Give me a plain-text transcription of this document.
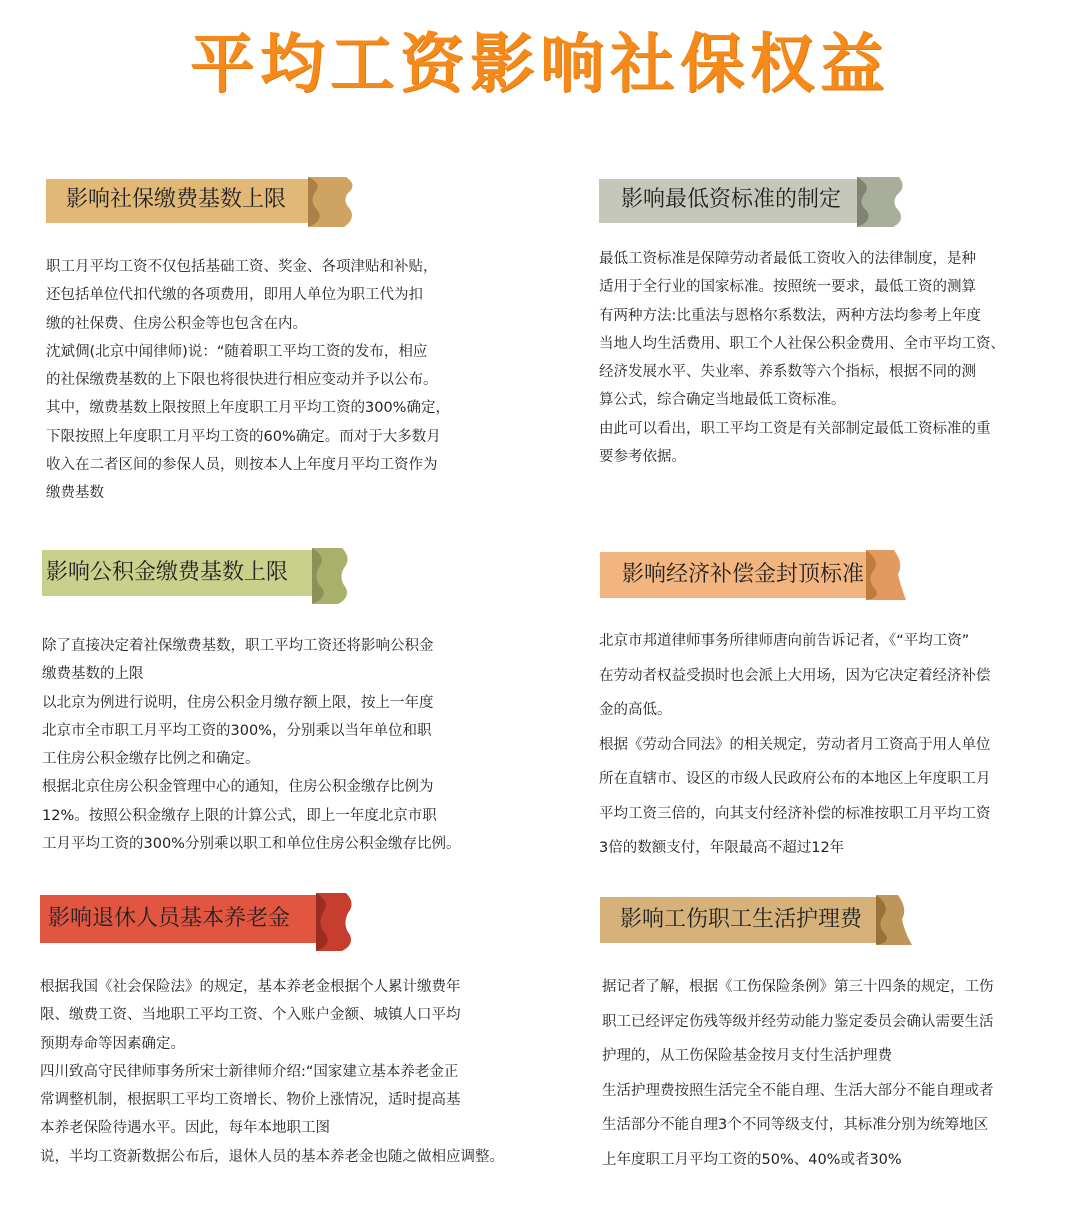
平均工资影响社保权益
影响社保缴费基数上限

职工月平均工资不仅包括基础工资、奖金、各项津贴和补贴，

还包括单位代扣代缴的各项费用，即用人单位为职工代为扣

缴的社保费、住房公积金等也包含在内。

沈斌倜(北京中闻律师)说：“随着职工平均工资的发布，相应

的社保缴费基数的上下限也将很快进行相应变动并予以公布。

其中，缴费基数上限按照上年度职工月平均工资的300%确定，

下限按照上年度职工月平均工资的60%确定。而对于大多数月

收入在二者区间的参保人员，则按本人上年度月平均工资作为

缴费基数

影响最低资标准的制定

最低工资标准是保障劳动者最低工资收入的法律制度，是种

适用于全行业的国家标准。按照统一要求，最低工资的测算

有两种方法:比重法与恩格尔系数法，两种方法均参考上年度

当地人均生活费用、职工个人社保公积金费用、全市平均工资、

经济发展水平、失业率、养系数等六个指标，根据不同的测

算公式，综合确定当地最低工资标准。

由此可以看出，职工平均工资是有关部制定最低工资标准的重

要参考依据。

影响公积金缴费基数上限

除了直接决定着社保缴费基数，职工平均工资还将影响公积金

缴费基数的上限

以北京为例进行说明，住房公积金月缴存额上限，按上一年度

北京市全市职工月平均工资的300%，分别乘以当年单位和职

工住房公积金缴存比例之和确定。

根据北京住房公积金管理中心的通知，住房公积金缴存比例为

12%。按照公积金缴存上限的计算公式，即上一年度北京市职

工月平均工资的300%分别乘以职工和单位住房公积金缴存比例。

影响经济补偿金封顶标准

北京市邦道律师事务所律师唐向前告诉记者，《“平均工资”

在劳动者权益受损时也会派上大用场，因为它决定着经济补偿

金的高低。

根据《劳动合同法》的相关规定，劳动者月工资高于用人单位

所在直辖市、设区的市级人民政府公布的本地区上年度职工月

平均工资三倍的，向其支付经济补偿的标准按职工月平均工资

3倍的数额支付，年限最高不超过12年

影响退休人员基本养老金

根据我国《社会保险法》的规定，基本养老金根据个人累计缴费年

限、缴费工资、当地职工平均工资、个入账户金额、城镇人口平均

预期寿命等因素确定。

四川致高守民律师事务所宋士新律师介绍:“国家建立基本养老金正

常调整机制，根据职工平均工资增长、物价上涨情况，适时提高基

本养老保险待遇水平。因此，每年本地职工图

说，半均工资新数据公布后，退休人员的基本养老金也随之做相应调整。

影响工伤职工生活护理费

据记者了解，根据《工伤保险条例》第三十四条的规定，工伤

职工已经评定伤残等级并经劳动能力鉴定委员会确认需要生活

护理的，从工伤保险基金按月支付生活护理费

生活护理费按照生活完全不能自理、生活大部分不能自理或者

生活部分不能自理3个不同等级支付，其标准分别为统筹地区

上年度职工月平均工资的50%、40%或者30%
